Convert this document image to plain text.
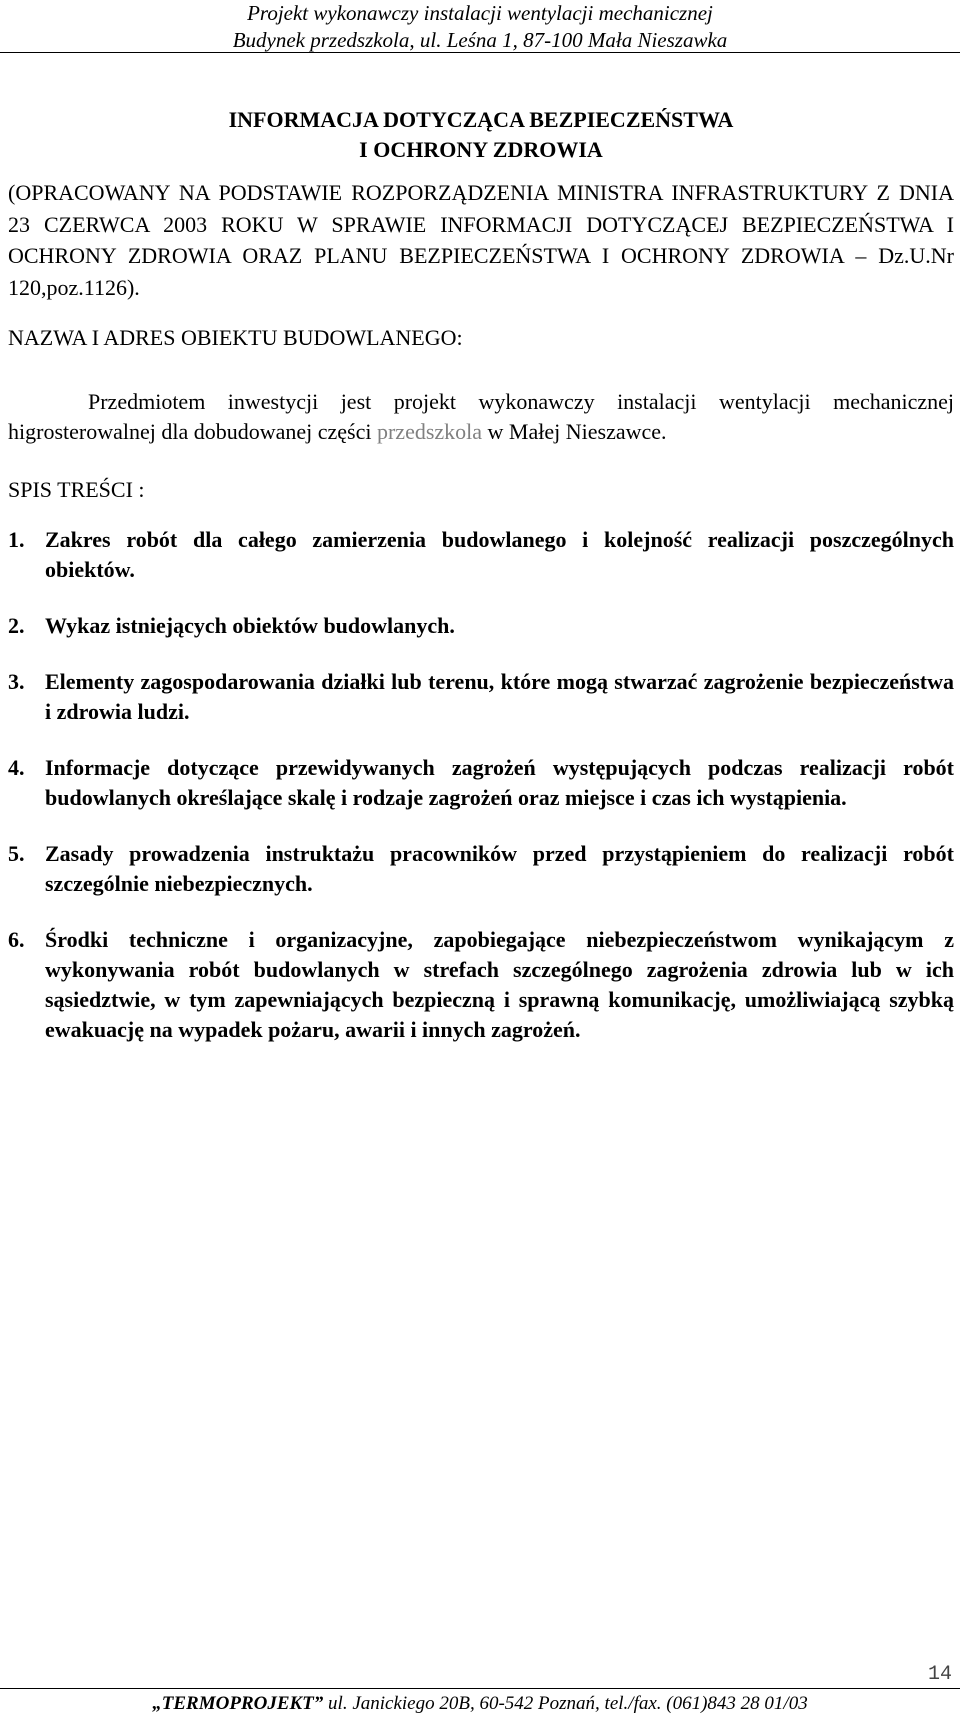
Projekt wykonawczy instalacji wentylacji mechanicznej
Budynek przedszkola, ul. Leśna 1, 87-100 Mała Nieszawka
INFORMACJA DOTYCZĄCA BEZPIECZEŃSTWA
I OCHRONY ZDROWIA

(OPRACOWANY NA PODSTAWIE ROZPORZĄDZENIA MINISTRA INFRASTRUKTURY Z DNIA 23 CZERWCA 2003 ROKU W SPRAWIE INFORMACJI DOTYCZĄCEJ BEZPIECZEŃSTWA I OCHRONY ZDROWIA ORAZ PLANU BEZPIECZEŃSTWA I OCHRONY ZDROWIA – Dz.U.Nr 120,poz.1126).

NAZWA I ADRES OBIEKTU BUDOWLANEGO:

Przedmiotem inwestycji jest projekt wykonawczy instalacji wentylacji mechanicznej higrosterowalnej dla dobudowanej części przedszkola w Małej Nieszawce.

SPIS TREŚCI :

1. Zakres robót dla całego zamierzenia budowlanego i kolejność realizacji poszczególnych obiektów.
2. Wykaz istniejących obiektów budowlanych.
3. Elementy zagospodarowania działki lub terenu, które mogą stwarzać zagrożenie bezpieczeństwa i zdrowia ludzi.
4. Informacje dotyczące przewidywanych zagrożeń występujących podczas realizacji robót budowlanych określające skalę i rodzaje zagrożeń oraz miejsce i czas ich wystąpienia.
5. Zasady prowadzenia instruktażu pracowników przed przystąpieniem do realizacji robót szczególnie niebezpiecznych.
6. Środki techniczne i organizacyjne, zapobiegające niebezpieczeństwom wynikającym z wykonywania robót budowlanych w strefach szczególnego zagrożenia zdrowia lub w ich sąsiedztwie, w tym zapewniających bezpieczną i sprawną komunikację, umożliwiającą szybką ewakuację na wypadek pożaru, awarii i innych zagrożeń.
14
„TERMOPROJEKT” ul. Janickiego 20B, 60-542 Poznań, tel./fax. (061)843 28 01/03
